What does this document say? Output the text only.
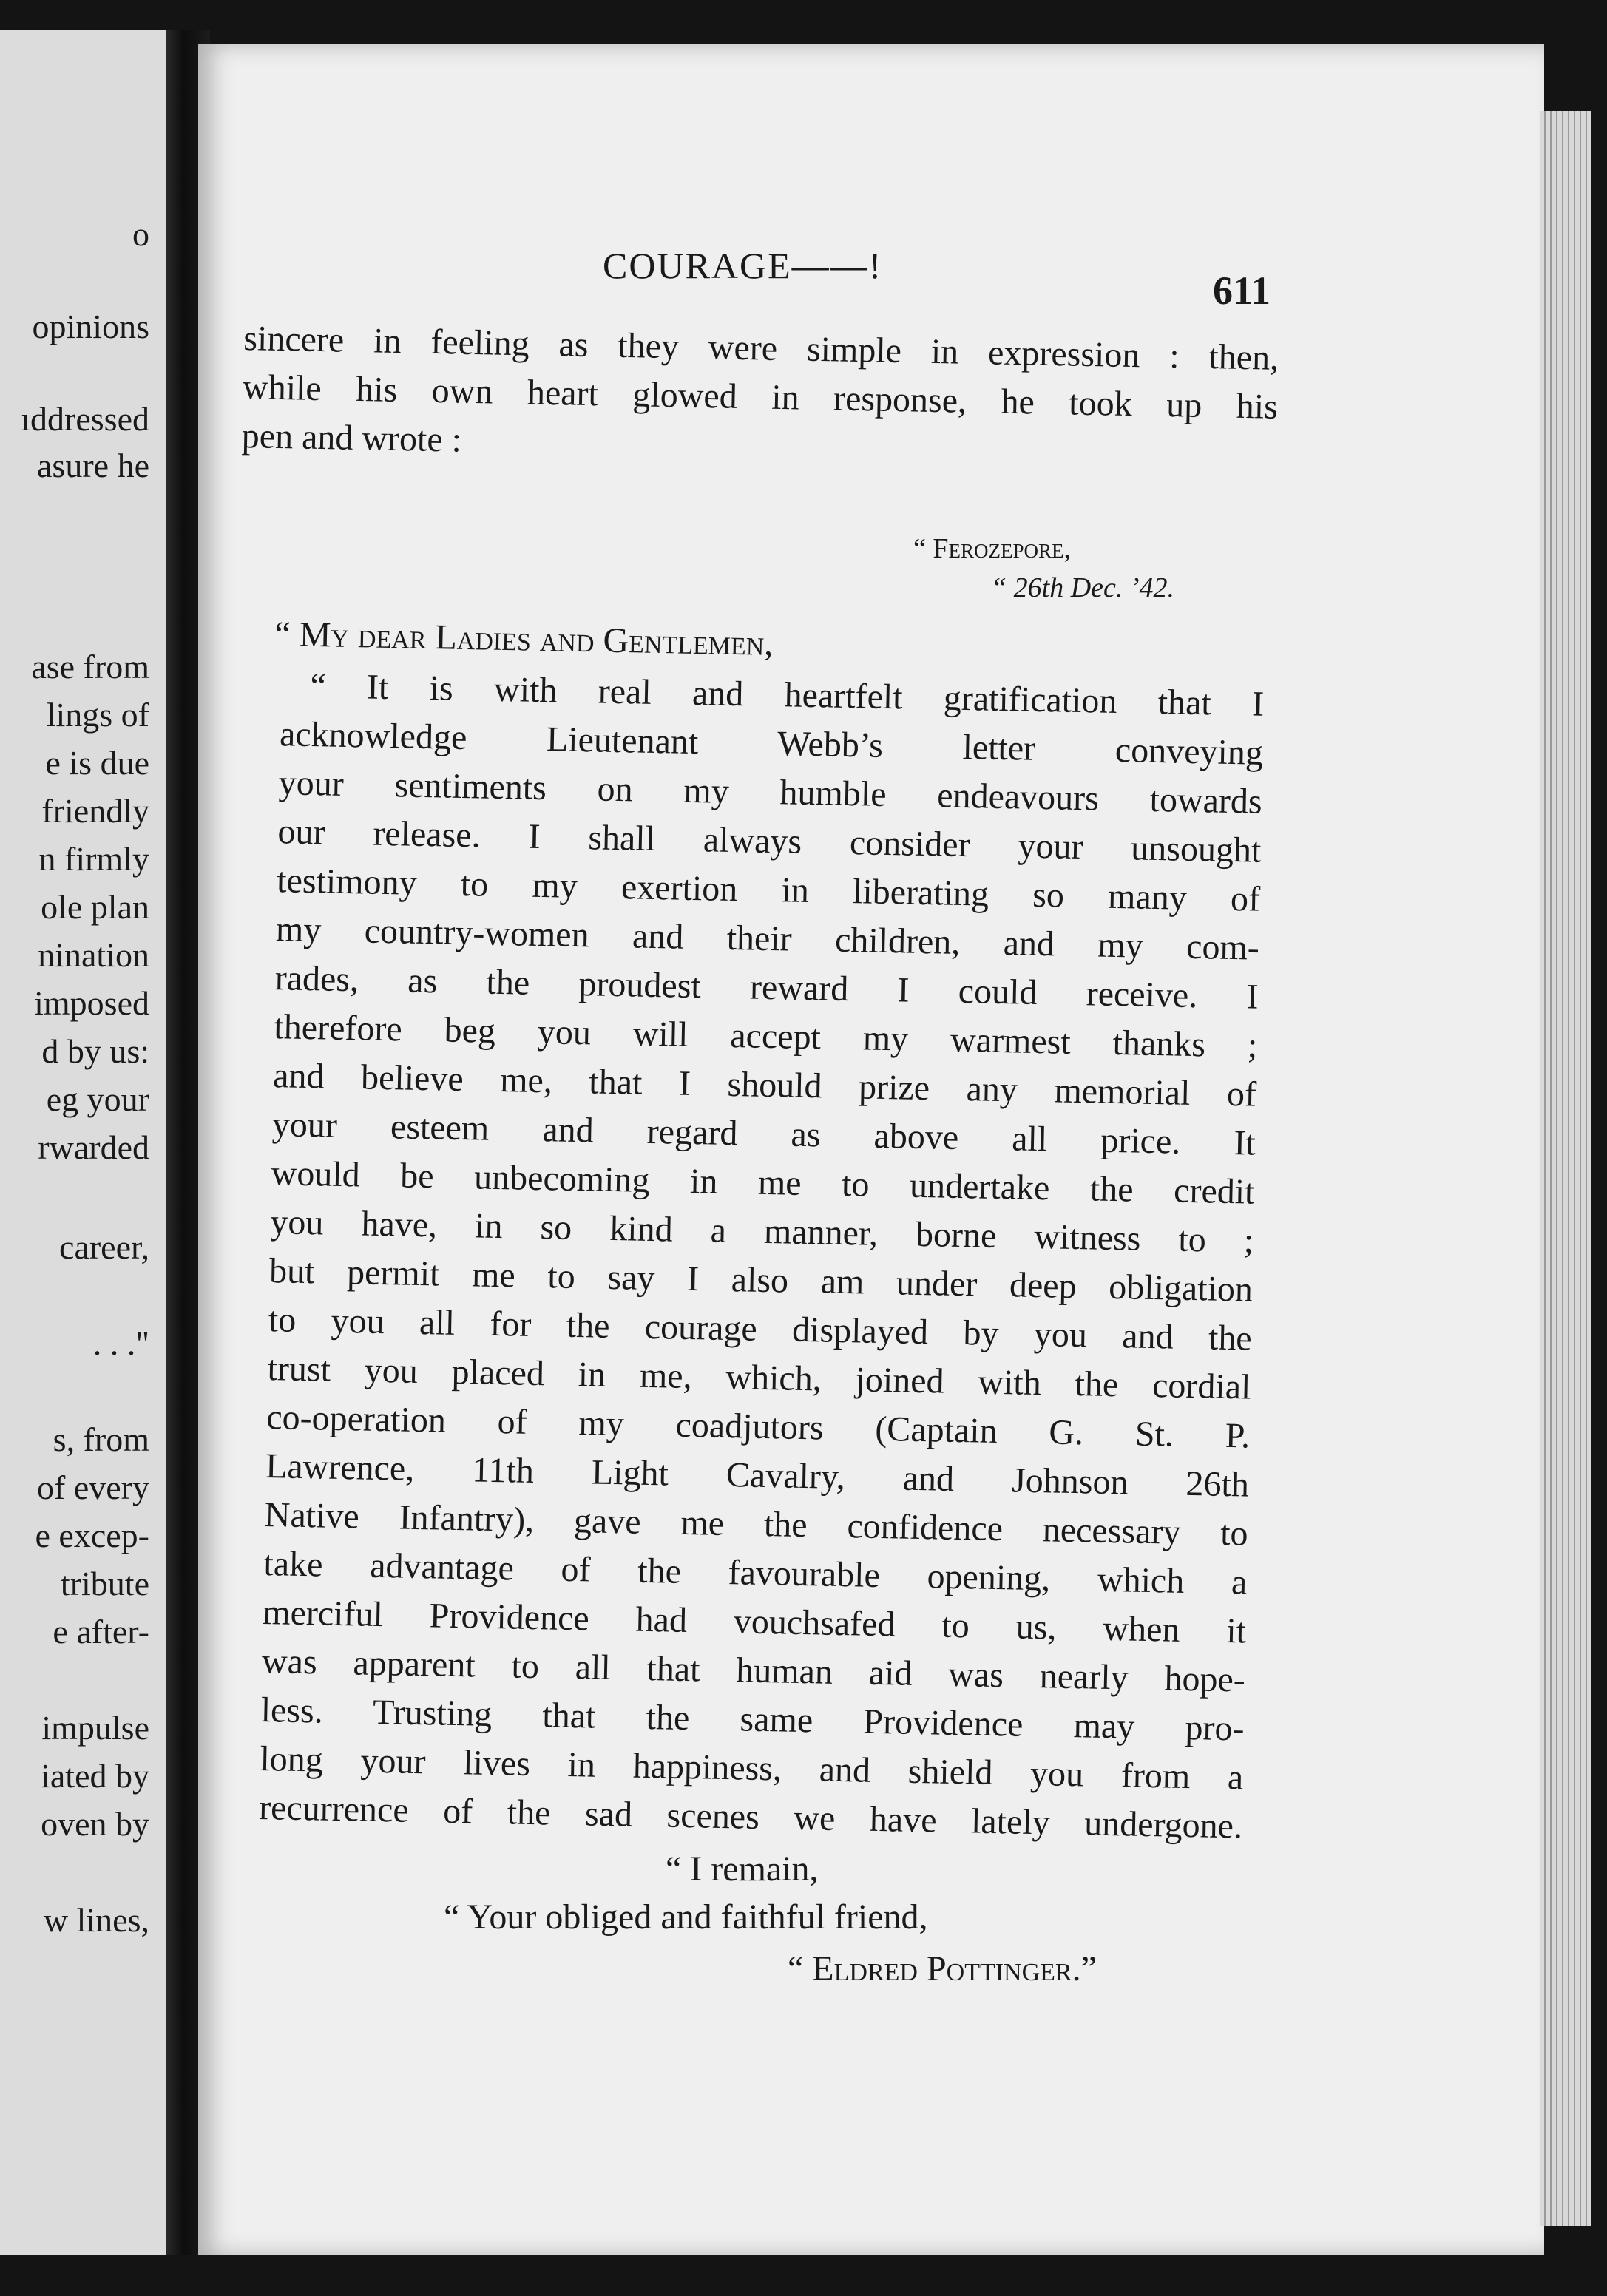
o
opinions
ıddressed
asure he
ase from
lings of
e is due
friendly
n firmly
ole plan
nination
imposed
d by us:
eg your
rwarded
career,
. . ."
s, from
of every
e excep-
tribute
e after-
impulse
iated by
oven by
w lines,
COURAGE——!
611
sincere in feeling as they were simple in expression : then,
while his own heart glowed in response, he took up his
pen and wrote :
“ Ferozepore,
“ 26th Dec. ’42.
“ My dear Ladies and Gentlemen,
“ It is with real and heartfelt gratification that I
acknowledge Lieutenant Webb’s letter conveying
your sentiments on my humble endeavours towards
our release. I shall always consider your unsought
testimony to my exertion in liberating so many of
my country-women and their children, and my com-
rades, as the proudest reward I could receive. I
therefore beg you will accept my warmest thanks ;
and believe me, that I should prize any memorial of
your esteem and regard as above all price. It
would be unbecoming in me to undertake the credit
you have, in so kind a manner, borne witness to ;
but permit me to say I also am under deep obligation
to you all for the courage displayed by you and the
trust you placed in me, which, joined with the cordial
co-operation of my coadjutors (Captain G. St. P.
Lawrence, 11th Light Cavalry, and Johnson 26th
Native Infantry), gave me the confidence necessary to
take advantage of the favourable opening, which a
merciful Providence had vouchsafed to us, when it
was apparent to all that human aid was nearly hope-
less. Trusting that the same Providence may pro-
long your lives in happiness, and shield you from a
recurrence of the sad scenes we have lately undergone.
“ I remain,
“ Your obliged and faithful friend,
“ Eldred Pottinger.”
